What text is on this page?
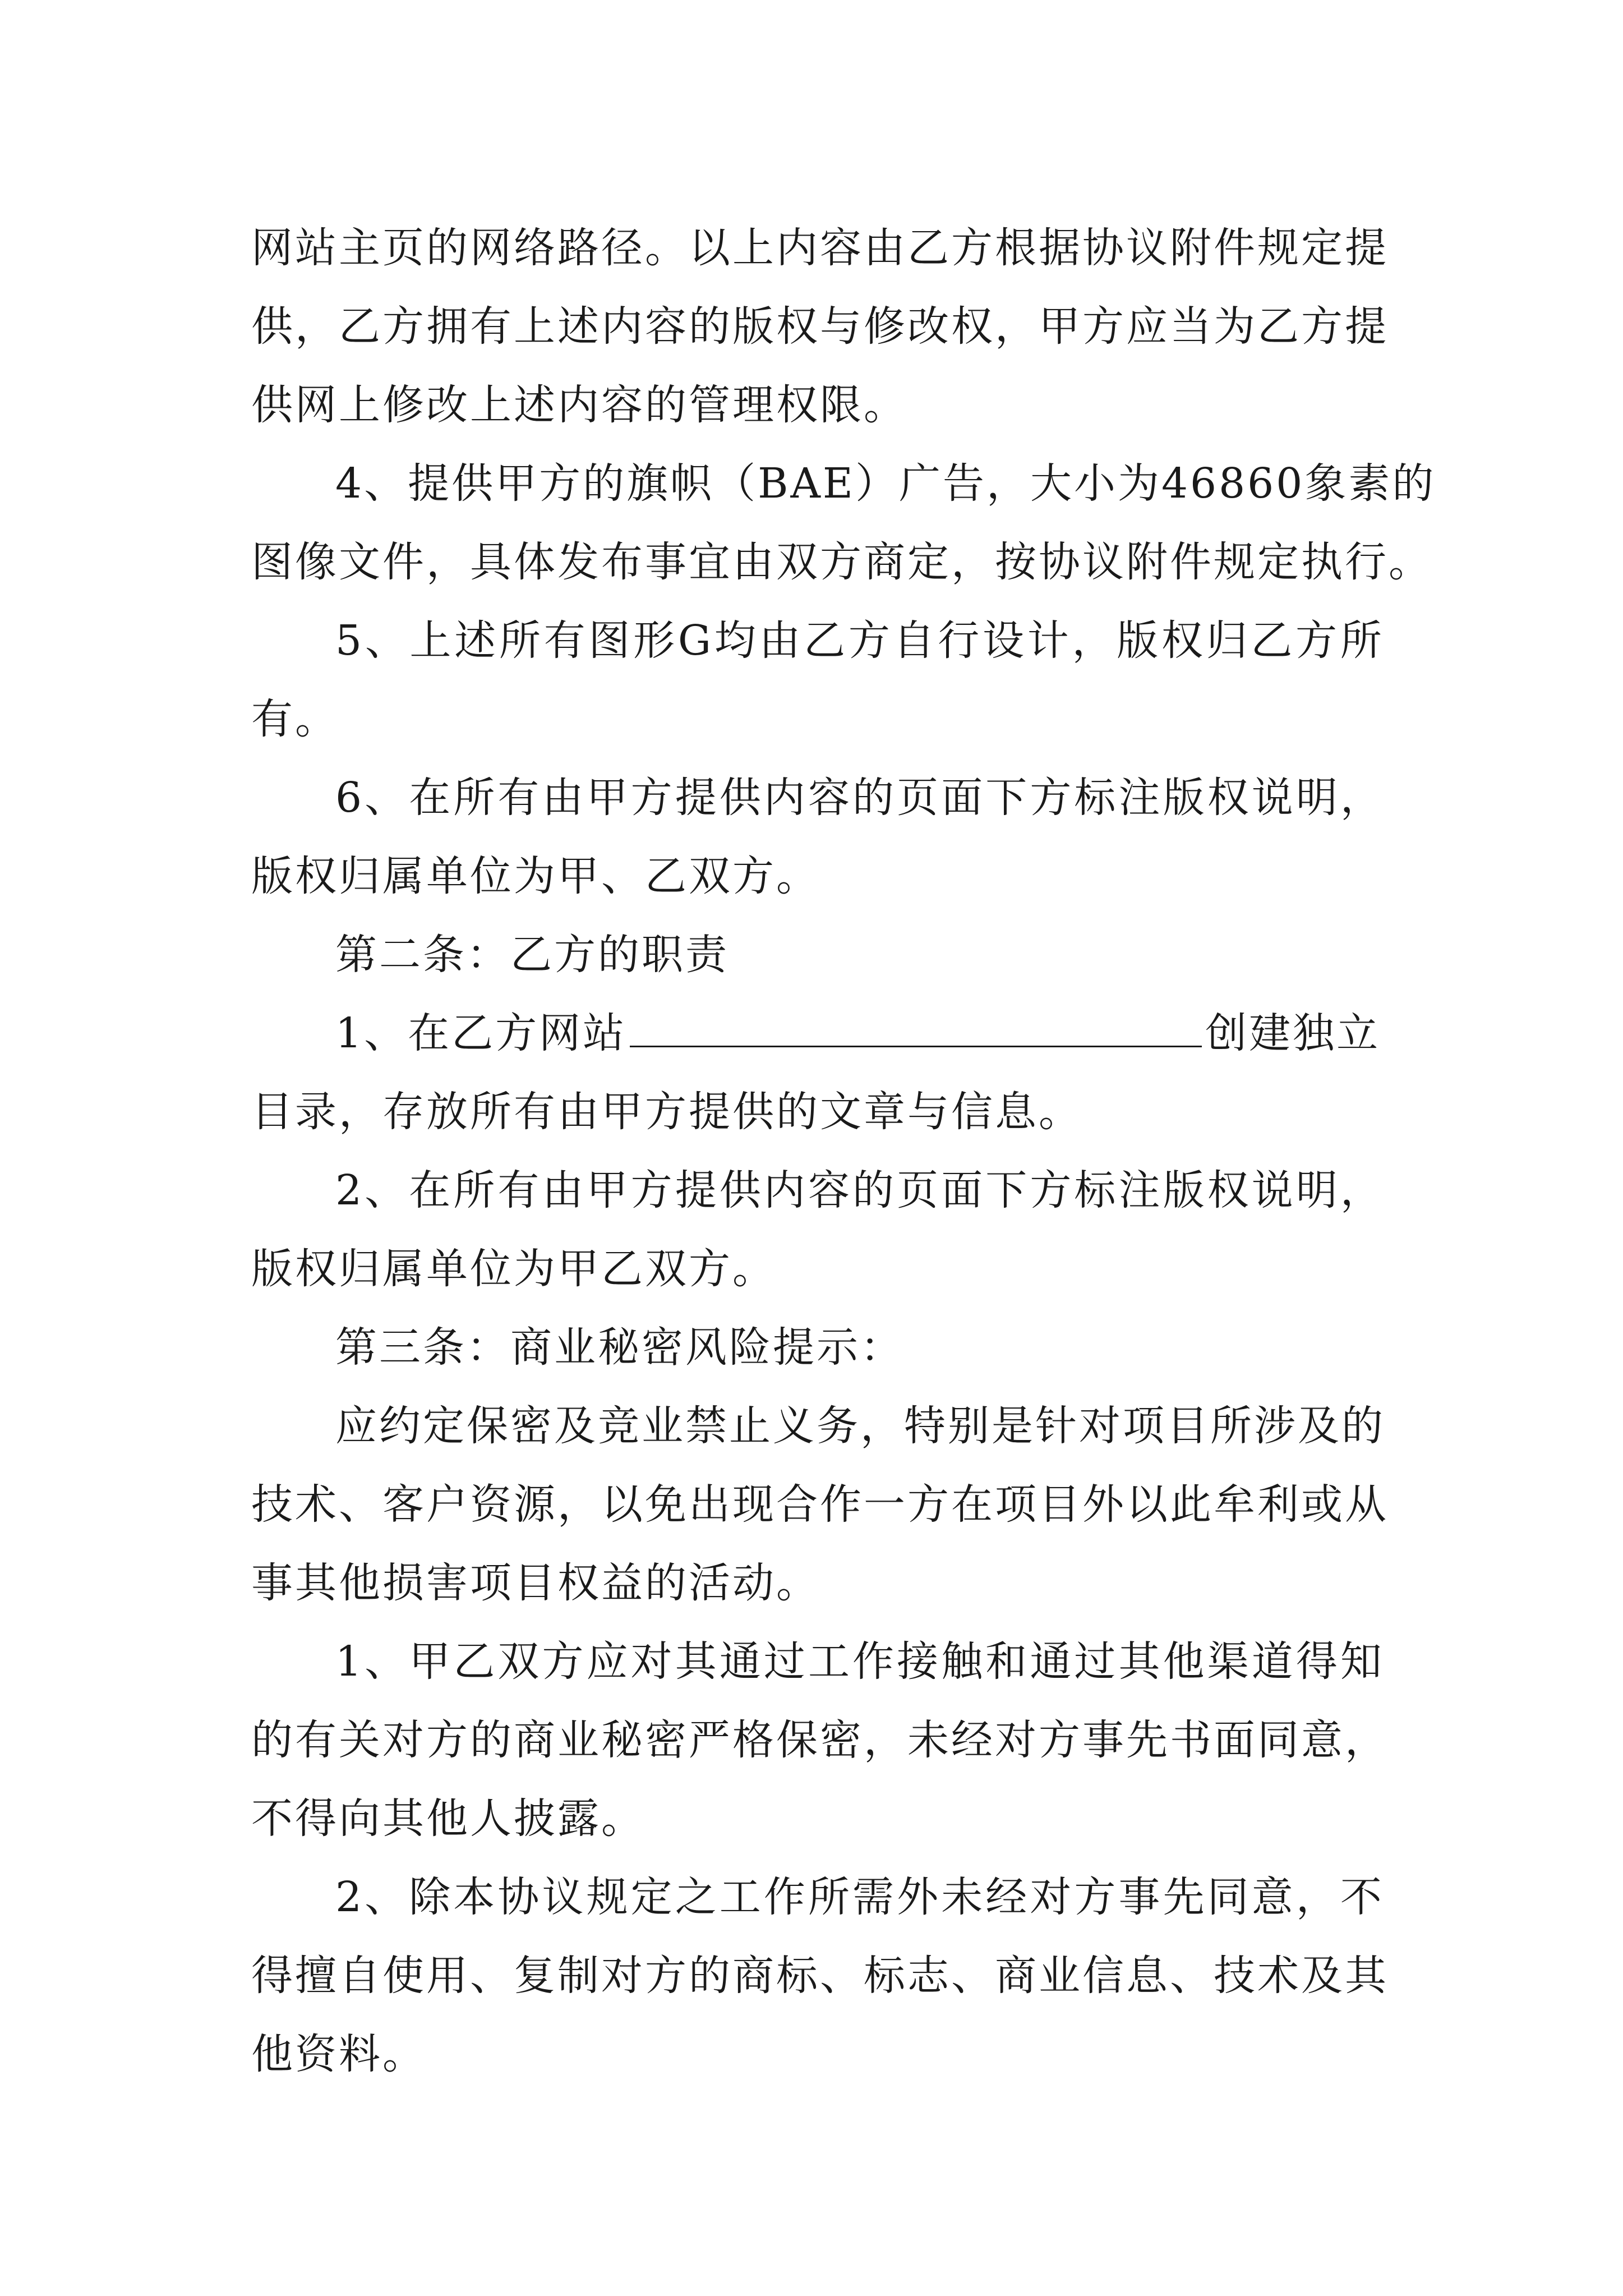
网 站 主 页 的 网 络 路 径 。 以 上 内 容 由 乙 方 根 据 协 议 附 件 规 定 提
供 ， 乙 方 拥 有 上 述 内 容 的 版 权 与 修 改 权 ， 甲 方 应 当 为 乙 方 提
供网上修改上述内容的管理权限。
4 、 提 供 甲 方 的 旗 帜 （ BAE ） 广 告 ， 大 小 为 46860 象 素 的
图 像 文 件 ， 具 体 发 布 事 宜 由 双 方 商 定 ， 按 协 议 附 件 规 定 执 行 。
5 、 上 述 所 有 图 形 G 均 由 乙 方 自 行 设 计 ， 版 权 归 乙 方 所
有。
6 、 在 所 有 由 甲 方 提 供 内 容 的 页 面 下 方 标 注 版 权 说 明 ，
版权归属单位为甲、乙双方。
第二条：乙方的职责
1、在乙方网站	创建独立
目录，存放所有由甲方提供的文章与信息。
2 、 在 所 有 由 甲 方 提 供 内 容 的 页 面 下 方 标 注 版 权 说 明 ，
版权归属单位为甲乙双方。
第三条：商业秘密风险提示：
应 约 定 保 密 及 竞 业 禁 止 义 务 ， 特 别 是 针 对 项 目 所 涉 及 的
技 术 、 客 户 资 源 ， 以 免 出 现 合 作 一 方 在 项 目 外 以 此 牟 利 或 从
事其他损害项目权益的活动。
1 、 甲 乙 双 方 应 对 其 通 过 工 作 接 触 和 通 过 其 他 渠 道 得 知
的 有 关 对 方 的 商 业 秘 密 严 格 保 密 ， 未 经 对 方 事 先 书 面 同 意 ，
不得向其他人披露。
2 、 除 本 协 议 规 定 之 工 作 所 需 外 未 经 对 方 事 先 同 意 ， 不
得 擅 自 使 用 、 复 制 对 方 的 商 标 、 标 志 、 商 业 信 息 、 技 术 及 其
他资料。
